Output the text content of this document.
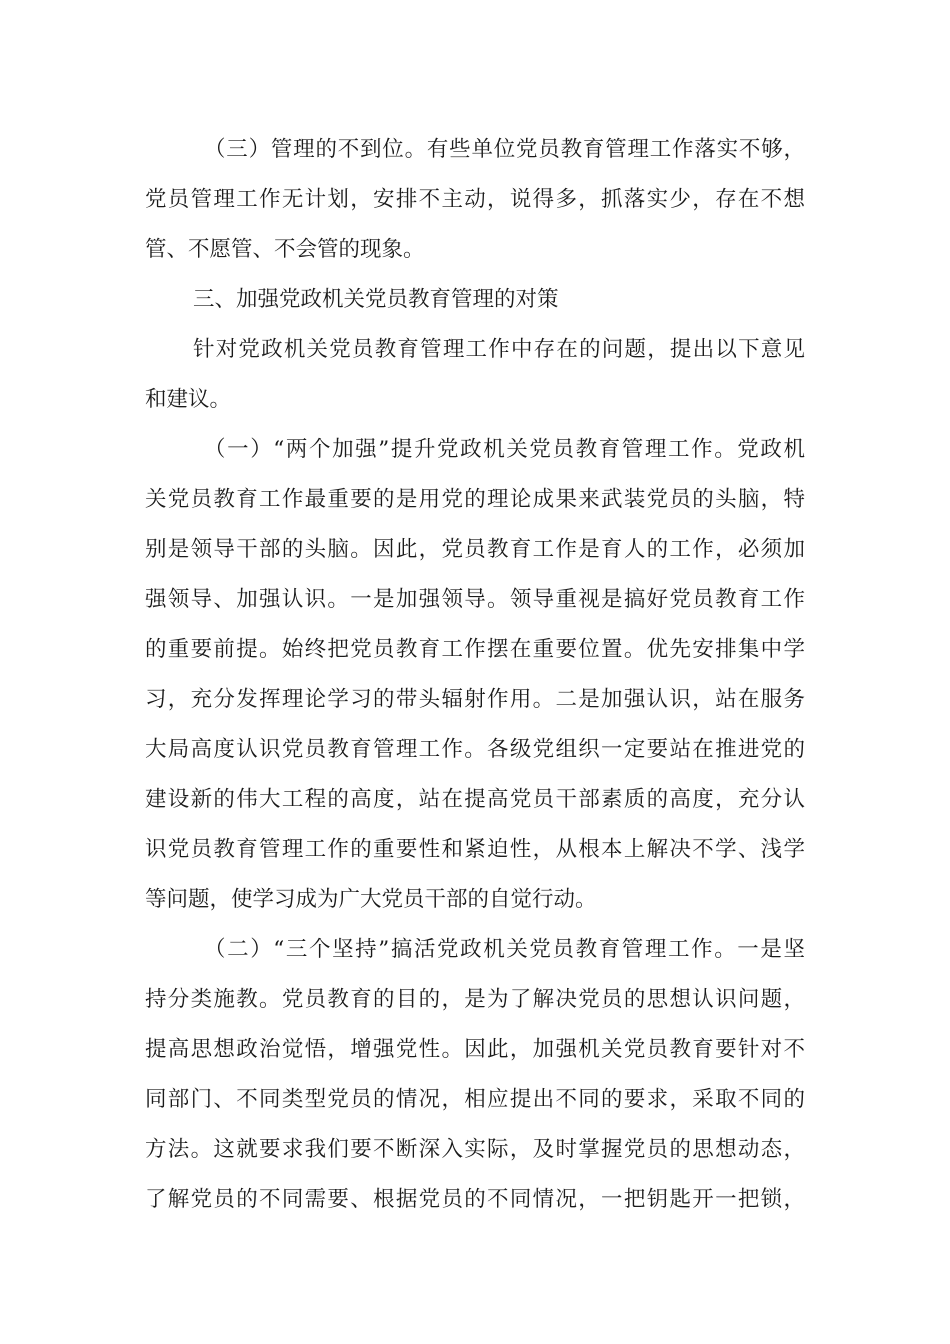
（三）管理的不到位。有些单位党员教育管理工作落实不够，
党员管理工作无计划，安排不主动，说得多，抓落实少，存在不想
管、不愿管、不会管的现象。
三、加强党政机关党员教育管理的对策
针对党政机关党员教育管理工作中存在的问题，提出以下意见
和建议。
（一）“两个加强”提升党政机关党员教育管理工作。党政机
关党员教育工作最重要的是用党的理论成果来武装党员的头脑，特
别是领导干部的头脑。因此，党员教育工作是育人的工作，必须加
强领导、加强认识。一是加强领导。领导重视是搞好党员教育工作
的重要前提。始终把党员教育工作摆在重要位置。优先安排集中学
习，充分发挥理论学习的带头辐射作用。二是加强认识，站在服务
大局高度认识党员教育管理工作。各级党组织一定要站在推进党的
建设新的伟大工程的高度，站在提高党员干部素质的高度，充分认
识党员教育管理工作的重要性和紧迫性，从根本上解决不学、浅学
等问题，使学习成为广大党员干部的自觉行动。
（二）“三个坚持”搞活党政机关党员教育管理工作。一是坚
持分类施教。党员教育的目的，是为了解决党员的思想认识问题，
提高思想政治觉悟，增强党性。因此，加强机关党员教育要针对不
同部门、不同类型党员的情况，相应提出不同的要求，采取不同的
方法。这就要求我们要不断深入实际，及时掌握党员的思想动态，
了解党员的不同需要、根据党员的不同情况，一把钥匙开一把锁，
